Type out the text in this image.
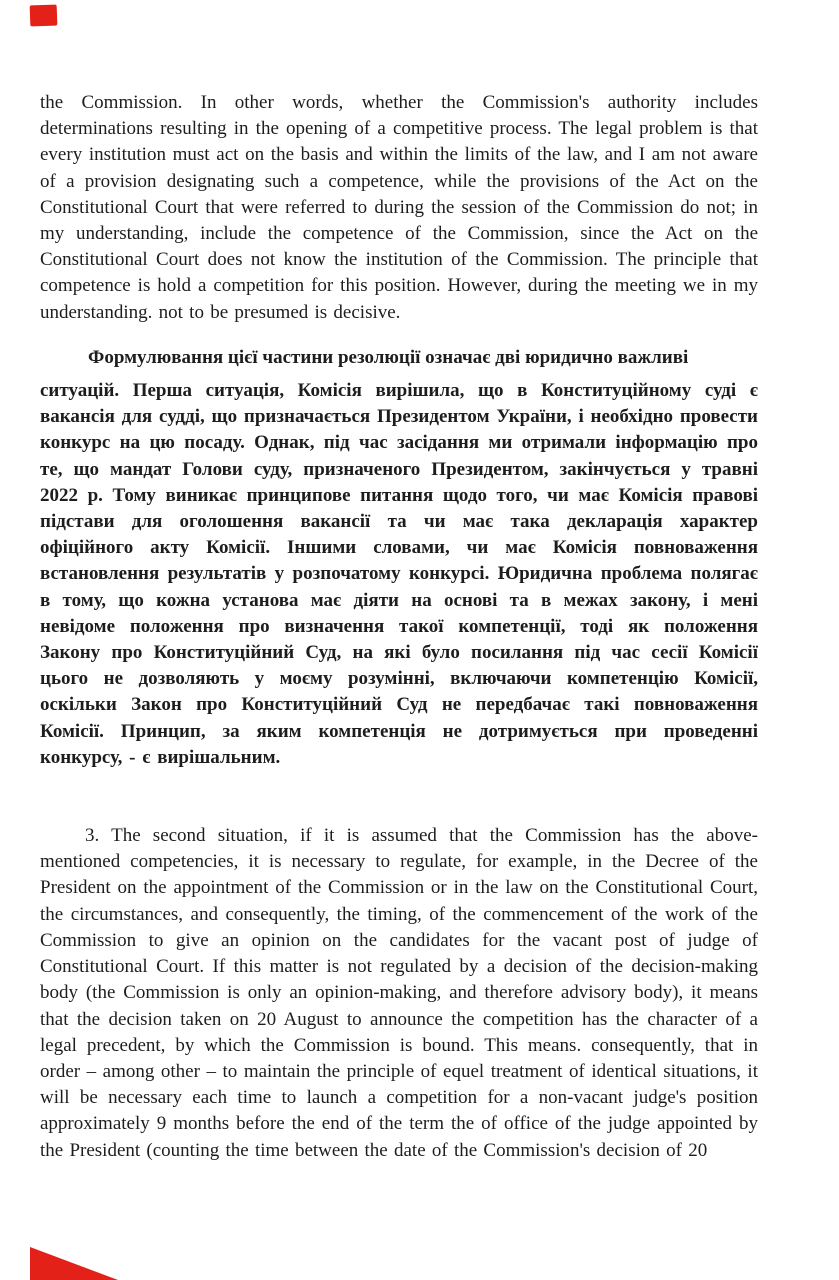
the Commission. In other words, whether the Commission's authority includes determinations resulting in the opening of a competitive process. The legal problem is that every institution must act on the basis and within the limits of the law, and I am not aware of a provision designating such a competence, while the provisions of the Act on the Constitutional Court that were referred to during the session of the Commission do not; in my understanding, include the competence of the Commission, since the Act on the Constitutional Court does not know the institution of the Commission. The principle that competence is hold a competition for this position. However, during the meeting we in my understanding. not to be presumed is decisive.

Формулювання цієї частини резолюції означає дві юридично важливі

ситуацій. Перша ситуація, Комісія вирішила, що в Конституційному суді є вакансія для судді, що призначається Президентом України, і необхідно провести конкурс на цю посаду. Однак, під час засідання ми отримали інформацію про те, що мандат Голови суду, призначеного Президентом, закінчується у травні 2022 р. Тому виникає принципове питання щодо того, чи має Комісія правові підстави для оголошення вакансії та чи має така декларація характер офіційного акту Комісії. Іншими словами, чи має Комісія повноваження встановлення результатів у розпочатому конкурсі. Юридична проблема полягає в тому, що кожна установа має діяти на основі та в межах закону, і мені невідоме положення про визначення такої компетенції, тоді як положення Закону про Конституційний Суд, на які було посилання під час сесії Комісії цього не дозволяють у моєму розумінні, включаючи компетенцію Комісії, оскільки Закон про Конституційний Суд не передбачає такі повноваження Комісії. Принцип, за яким компетенція не дотримується при проведенні конкурсу, - є вирішальним.

3. The second situation, if it is assumed that the Commission has the above-mentioned competencies, it is necessary to regulate, for example, in the Decree of the President on the appointment of the Commission or in the law on the Constitutional Court, the circumstances, and consequently, the timing, of the commencement of the work of the Commission to give an opinion on the candidates for the vacant post of judge of Constitutional Court. If this matter is not regulated by a decision of the decision-making body (the Commission is only an opinion-making, and therefore advisory body), it means that the decision taken on 20 August to announce the competition has the character of a legal precedent, by which the Commission is bound. This means. consequently, that in order – among other – to maintain the principle of equel treatment of identical situations, it will be necessary each time to launch a competition for a non-vacant judge's position approximately 9 months before the end of the term the of office of the judge appointed by the President (counting the time between the date of the Commission's decision of 20
